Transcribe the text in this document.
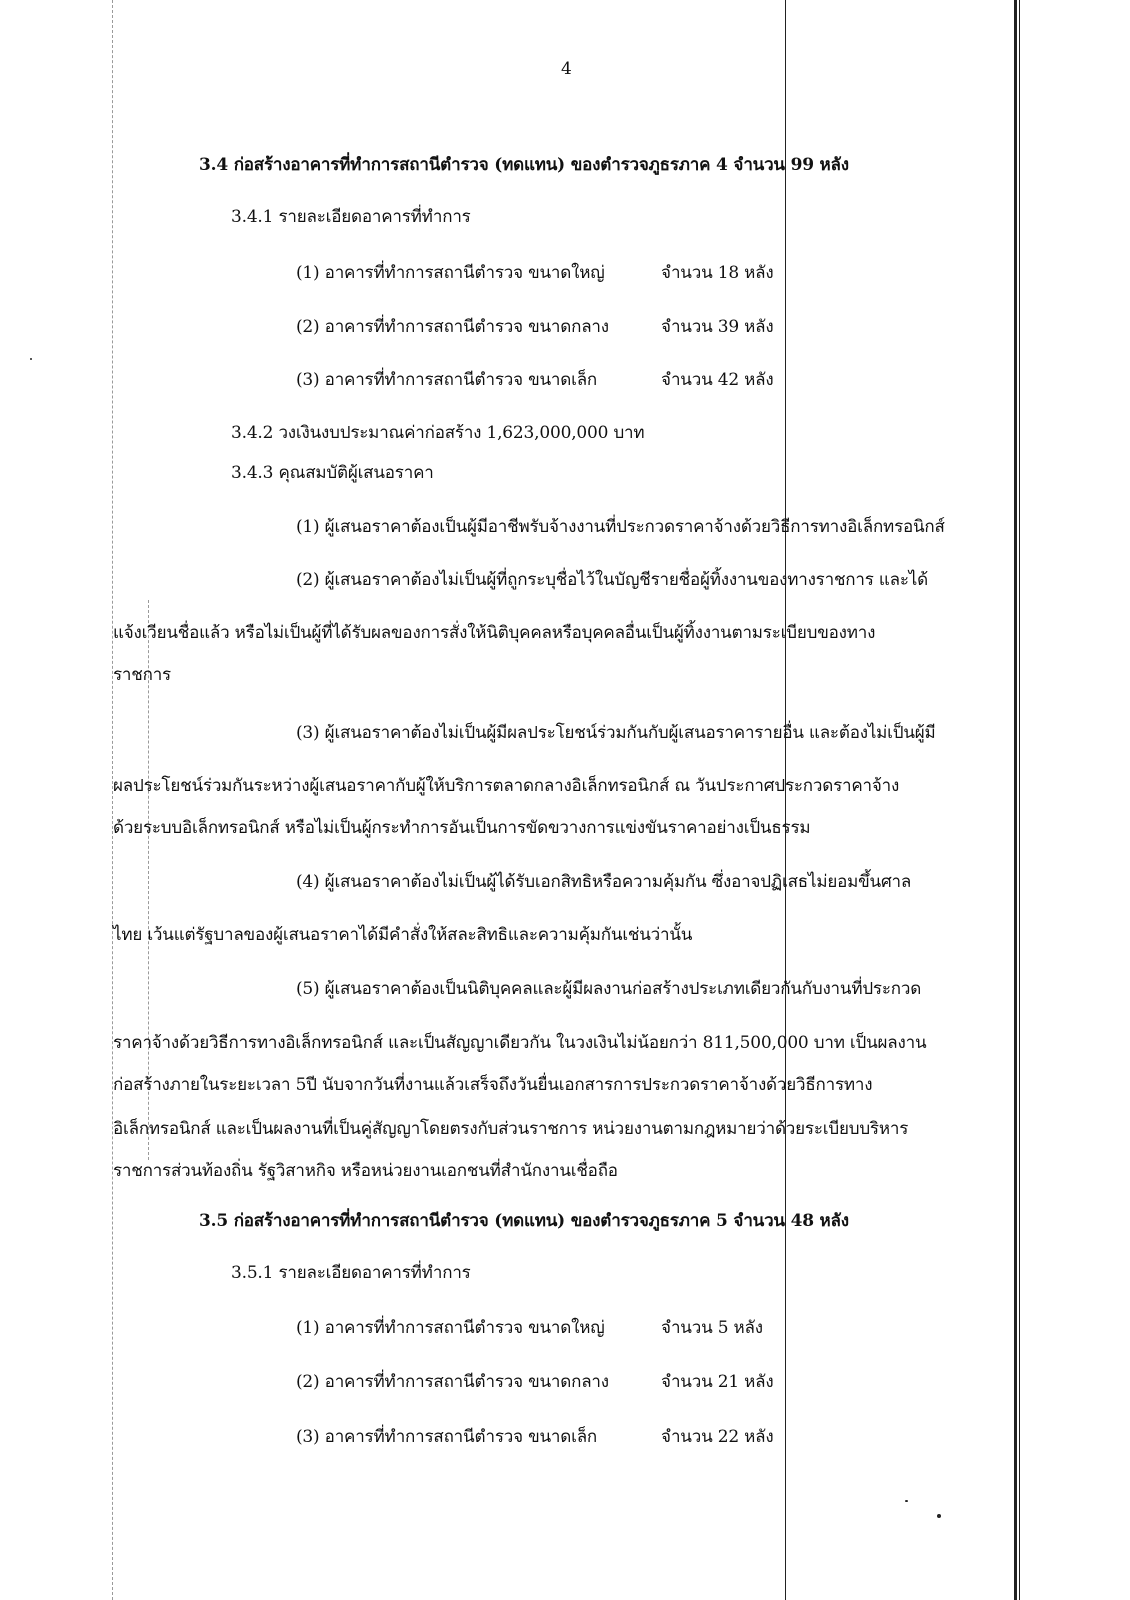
4
3.4 ก่อสร้างอาคารที่ทำการสถานีตำรวจ (ทดแทน) ของตำรวจภูธรภาค 4 จำนวน 99 หลัง
3.4.1 รายละเอียดอาคารที่ทำการ
(1) อาคารที่ทำการสถานีตำรวจ ขนาดใหญ่	จำนวน 18 หลัง
(2) อาคารที่ทำการสถานีตำรวจ ขนาดกลาง	จำนวน 39 หลัง
(3) อาคารที่ทำการสถานีตำรวจ ขนาดเล็ก	จำนวน 42 หลัง
3.4.2 วงเงินงบประมาณค่าก่อสร้าง 1,623,000,000 บาท
3.4.3 คุณสมบัติผู้เสนอราคา
(1) ผู้เสนอราคาต้องเป็นผู้มีอาชีพรับจ้างงานที่ประกวดราคาจ้างด้วยวิธีการทางอิเล็กทรอนิกส์
(2) ผู้เสนอราคาต้องไม่เป็นผู้ที่ถูกระบุชื่อไว้ในบัญชีรายชื่อผู้ทิ้งงานของทางราชการ และได้
แจ้งเวียนชื่อแล้ว หรือไม่เป็นผู้ที่ได้รับผลของการสั่งให้นิติบุคคลหรือบุคคลอื่นเป็นผู้ทิ้งงานตามระเบียบของทาง
ราชการ
(3) ผู้เสนอราคาต้องไม่เป็นผู้มีผลประโยชน์ร่วมกันกับผู้เสนอราคารายอื่น และต้องไม่เป็นผู้มี
ผลประโยชน์ร่วมกันระหว่างผู้เสนอราคากับผู้ให้บริการตลาดกลางอิเล็กทรอนิกส์ ณ วันประกาศประกวดราคาจ้าง
ด้วยระบบอิเล็กทรอนิกส์ หรือไม่เป็นผู้กระทำการอันเป็นการขัดขวางการแข่งขันราคาอย่างเป็นธรรม
(4) ผู้เสนอราคาต้องไม่เป็นผู้ได้รับเอกสิทธิหรือความคุ้มกัน ซึ่งอาจปฏิเสธไม่ยอมขึ้นศาล
ไทย เว้นแต่รัฐบาลของผู้เสนอราคาได้มีคำสั่งให้สละสิทธิและความคุ้มกันเช่นว่านั้น
(5) ผู้เสนอราคาต้องเป็นนิติบุคคลและผู้มีผลงานก่อสร้างประเภทเดียวกันกับงานที่ประกวด
ราคาจ้างด้วยวิธีการทางอิเล็กทรอนิกส์ และเป็นสัญญาเดียวกัน ในวงเงินไม่น้อยกว่า 811,500,000 บาท เป็นผลงาน
ก่อสร้างภายในระยะเวลา 5ปี นับจากวันที่งานแล้วเสร็จถึงวันยื่นเอกสารการประกวดราคาจ้างด้วยวิธีการทาง
อิเล็กทรอนิกส์ และเป็นผลงานที่เป็นคู่สัญญาโดยตรงกับส่วนราชการ หน่วยงานตามกฎหมายว่าด้วยระเบียบบริหาร
ราชการส่วนท้องถิ่น รัฐวิสาหกิจ หรือหน่วยงานเอกชนที่สำนักงานเชื่อถือ
3.5 ก่อสร้างอาคารที่ทำการสถานีตำรวจ (ทดแทน) ของตำรวจภูธรภาค 5 จำนวน 48 หลัง
3.5.1 รายละเอียดอาคารที่ทำการ
(1) อาคารที่ทำการสถานีตำรวจ ขนาดใหญ่	จำนวน 5 หลัง
(2) อาคารที่ทำการสถานีตำรวจ ขนาดกลาง	จำนวน 21 หลัง
(3) อาคารที่ทำการสถานีตำรวจ ขนาดเล็ก	จำนวน 22 หลัง
